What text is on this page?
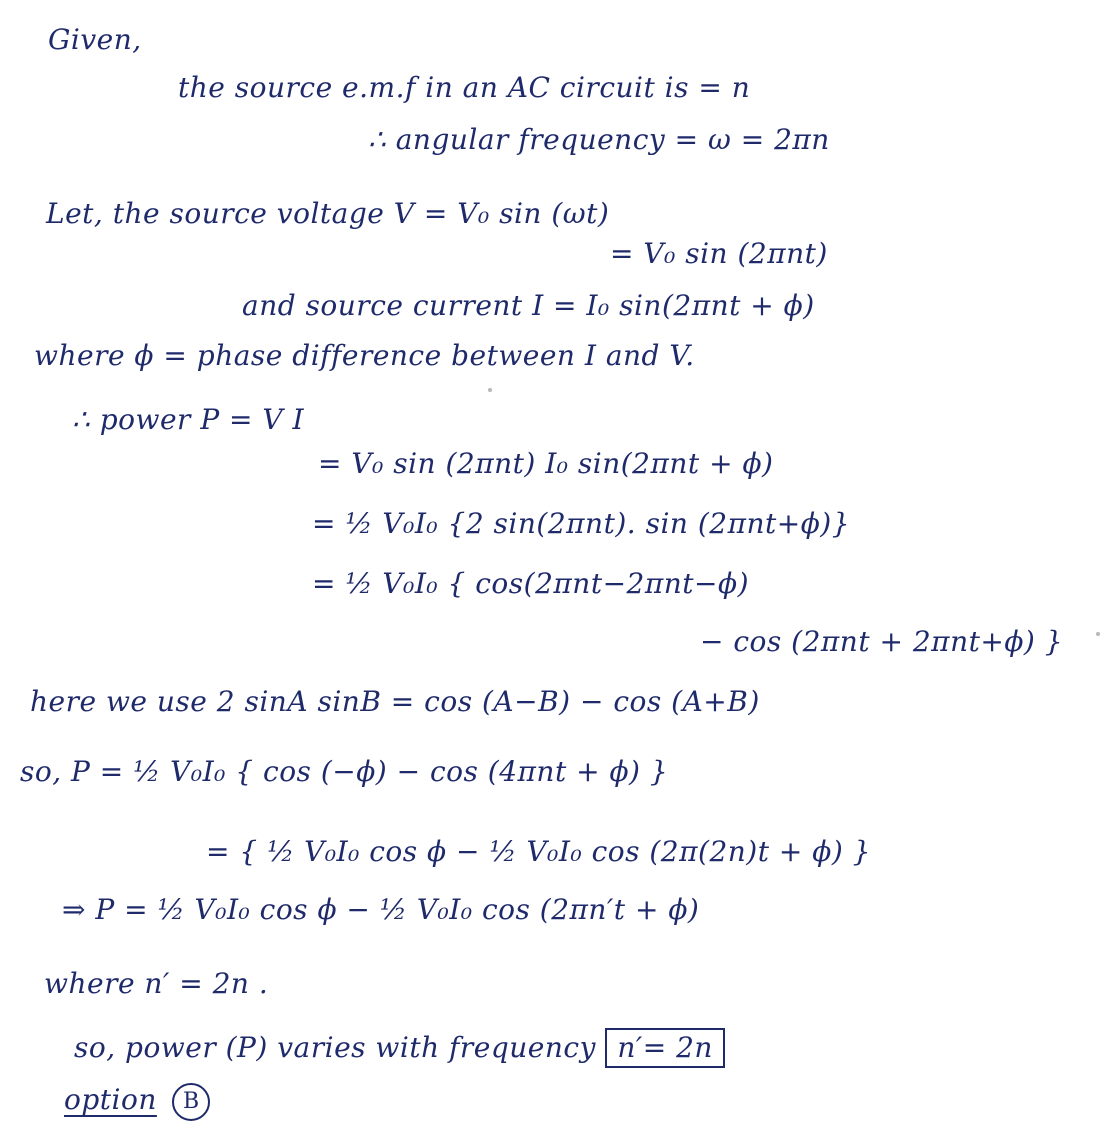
Given,
the source e.m.f in an AC circuit is = n
∴ angular frequency = ω = 2πn
Let, the source voltage V = V₀ sin (ωt)
= V₀ sin (2πnt)
and source current I = I₀ sin(2πnt + ϕ)
where ϕ = phase difference between I and V.
∴ power P = V I
= V₀ sin (2πnt) I₀ sin(2πnt + ϕ)
= ½ V₀I₀ {2 sin(2πnt). sin (2πnt+ϕ)}
= ½ V₀I₀ { cos(2πnt−2πnt−ϕ)
− cos (2πnt + 2πnt+ϕ) }
here we use 2 sinA sinB = cos (A−B) − cos (A+B)
so, P = ½ V₀I₀ { cos (−ϕ) − cos (4πnt + ϕ) }
= { ½ V₀I₀ cos ϕ − ½ V₀I₀ cos (2π(2n)t + ϕ) }
⇒ P = ½ V₀I₀ cos ϕ − ½ V₀I₀ cos (2πn′t + ϕ)
where n′ = 2n .
so, power (P) varies with frequency n′= 2n
option B
